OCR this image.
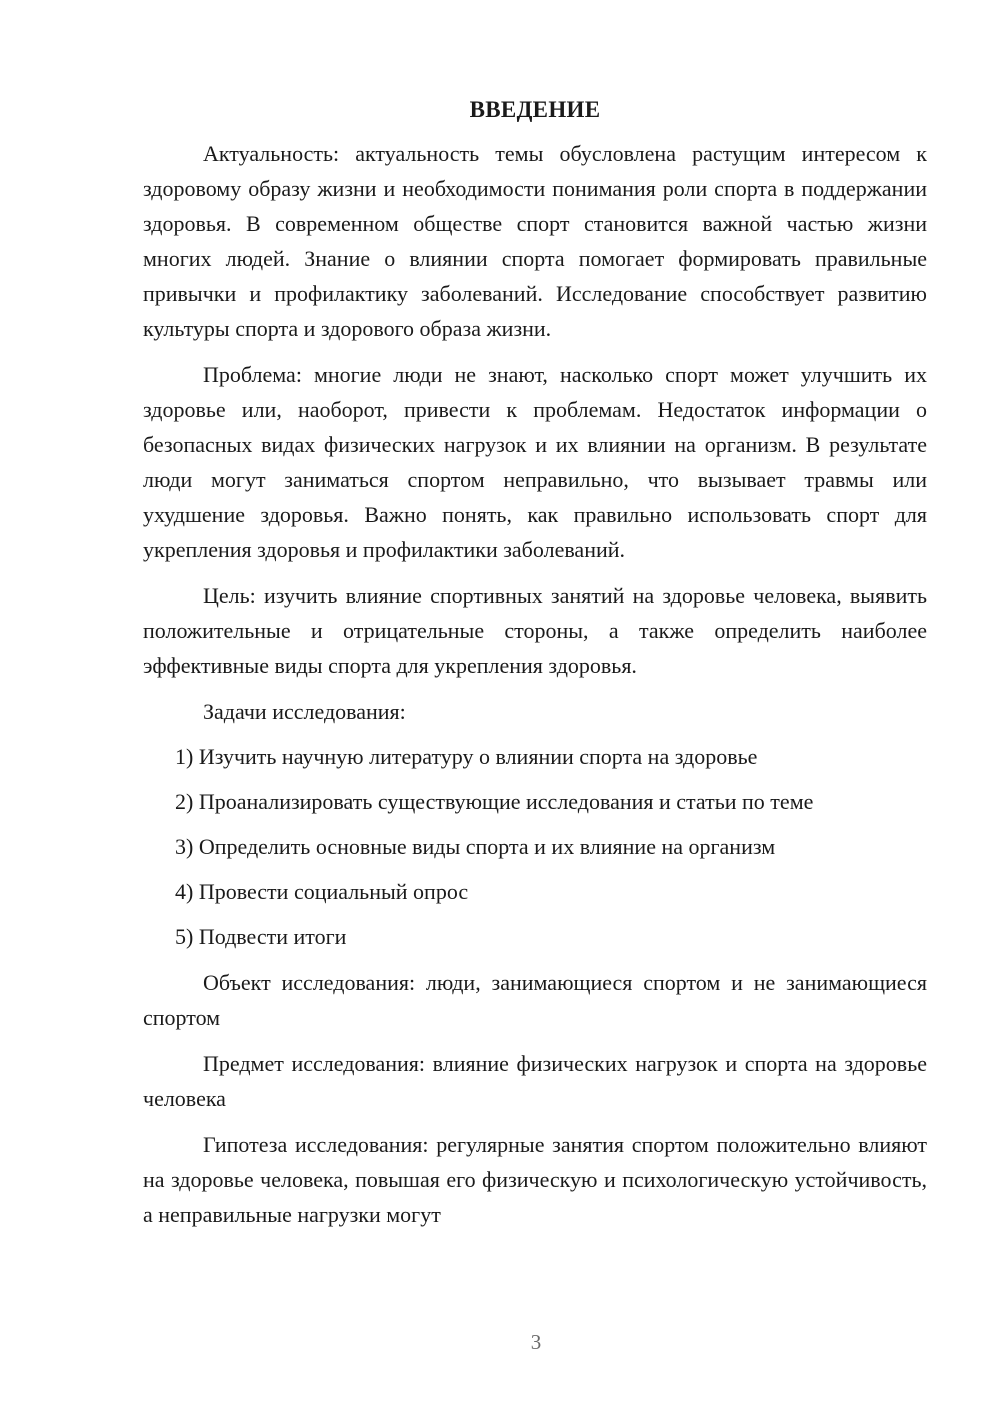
ВВЕДЕНИЕ

Актуальность: актуальность темы обусловлена растущим интересом к здоровому образу жизни и необходимости понимания роли спорта в поддержании здоровья. В современном обществе спорт становится важной частью жизни многих людей. Знание о влиянии спорта помогает формировать правильные привычки и профилактику заболеваний. Исследование способствует развитию культуры спорта и здорового образа жизни.

Проблема: многие люди не знают, насколько спорт может улучшить их здоровье или, наоборот, привести к проблемам. Недостаток информации о безопасных видах физических нагрузок и их влиянии на организм. В результате люди могут заниматься спортом неправильно, что вызывает травмы или ухудшение здоровья. Важно понять, как правильно использовать спорт для укрепления здоровья и профилактики заболеваний.

Цель: изучить влияние спортивных занятий на здоровье человека, выявить положительные и отрицательные стороны, а также определить наиболее эффективные виды спорта для укрепления здоровья.

Задачи исследования:

1) Изучить научную литературу о влиянии спорта на здоровье
2) Проанализировать существующие исследования и статьи по теме
3) Определить основные виды спорта и их влияние на организм
4) Провести социальный опрос
5) Подвести итоги

Объект исследования: люди, занимающиеся спортом и не занимающиеся спортом

Предмет исследования: влияние физических нагрузок и спорта на здоровье человека

Гипотеза исследования: регулярные занятия спортом положительно влияют на здоровье человека, повышая его физическую и психологическую устойчивость, а неправильные нагрузки могут

3
